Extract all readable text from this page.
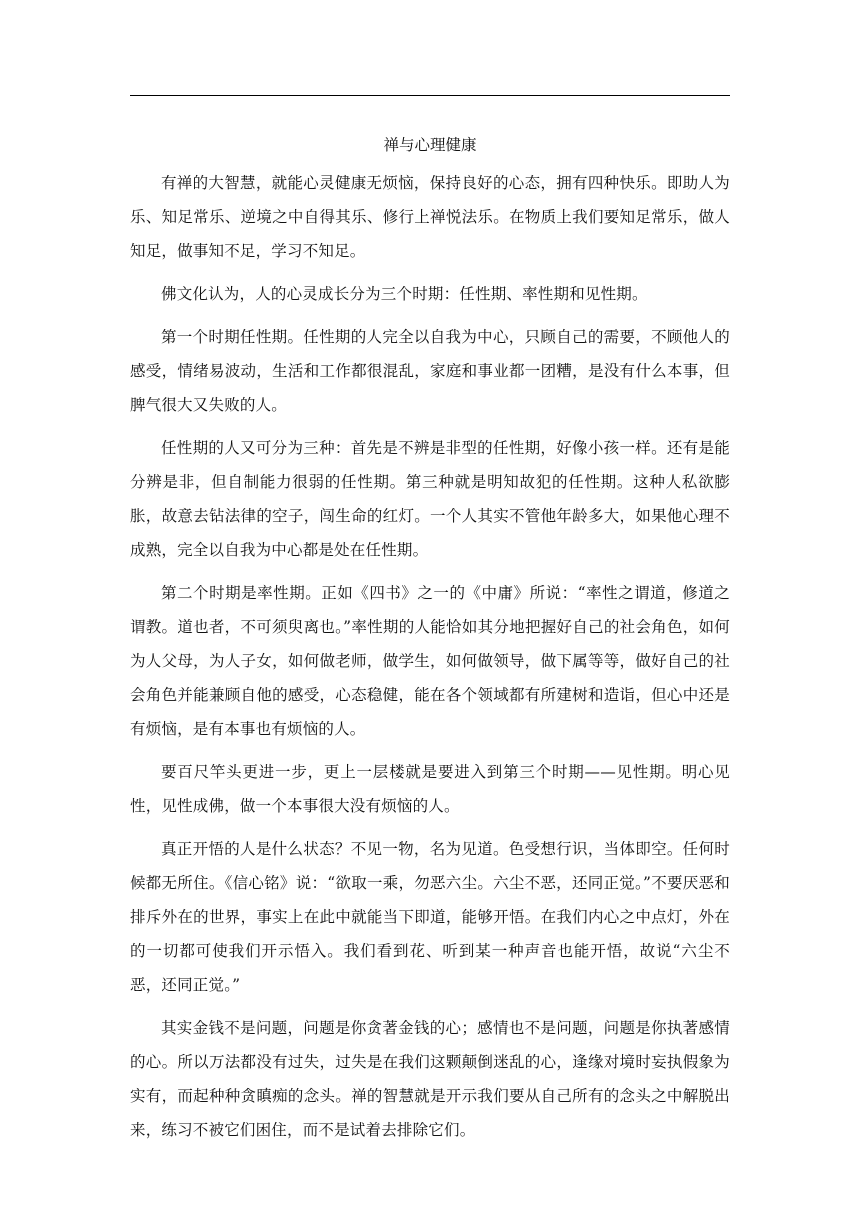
禅与心理健康

有禅的大智慧，就能心灵健康无烦恼，保持良好的心态，拥有四种快乐。即助人为乐、知足常乐、逆境之中自得其乐、修行上禅悦法乐。在物质上我们要知足常乐，做人知足，做事知不足，学习不知足。

佛文化认为，人的心灵成长分为三个时期：任性期、率性期和见性期。

第一个时期任性期。任性期的人完全以自我为中心，只顾自己的需要，不顾他人的感受，情绪易波动，生活和工作都很混乱，家庭和事业都一团糟，是没有什么本事，但脾气很大又失败的人。

任性期的人又可分为三种：首先是不辨是非型的任性期，好像小孩一样。还有是能分辨是非，但自制能力很弱的任性期。第三种就是明知故犯的任性期。这种人私欲膨胀，故意去钻法律的空子，闯生命的红灯。一个人其实不管他年龄多大，如果他心理不成熟，完全以自我为中心都是处在任性期。

第二个时期是率性期。正如《四书》之一的《中庸》所说：“率性之谓道，修道之谓教。道也者，不可须臾离也。”率性期的人能恰如其分地把握好自己的社会角色，如何为人父母，为人子女，如何做老师，做学生，如何做领导，做下属等等，做好自己的社会角色并能兼顾自他的感受，心态稳健，能在各个领域都有所建树和造诣，但心中还是有烦恼，是有本事也有烦恼的人。

要百尺竿头更进一步，更上一层楼就是要进入到第三个时期——见性期。明心见性，见性成佛，做一个本事很大没有烦恼的人。

真正开悟的人是什么状态？不见一物，名为见道。色受想行识，当体即空。任何时候都无所住。《信心铭》说：“欲取一乘，勿恶六尘。六尘不恶，还同正觉。”不要厌恶和排斥外在的世界，事实上在此中就能当下即道，能够开悟。在我们内心之中点灯，外在的一切都可使我们开示悟入。我们看到花、听到某一种声音也能开悟，故说“六尘不恶，还同正觉。”

其实金钱不是问题，问题是你贪著金钱的心；感情也不是问题，问题是你执著感情的心。所以万法都没有过失，过失是在我们这颗颠倒迷乱的心，逢缘对境时妄执假象为实有，而起种种贪瞋痴的念头。禅的智慧就是开示我们要从自己所有的念头之中解脱出来，练习不被它们困住，而不是试着去排除它们。
